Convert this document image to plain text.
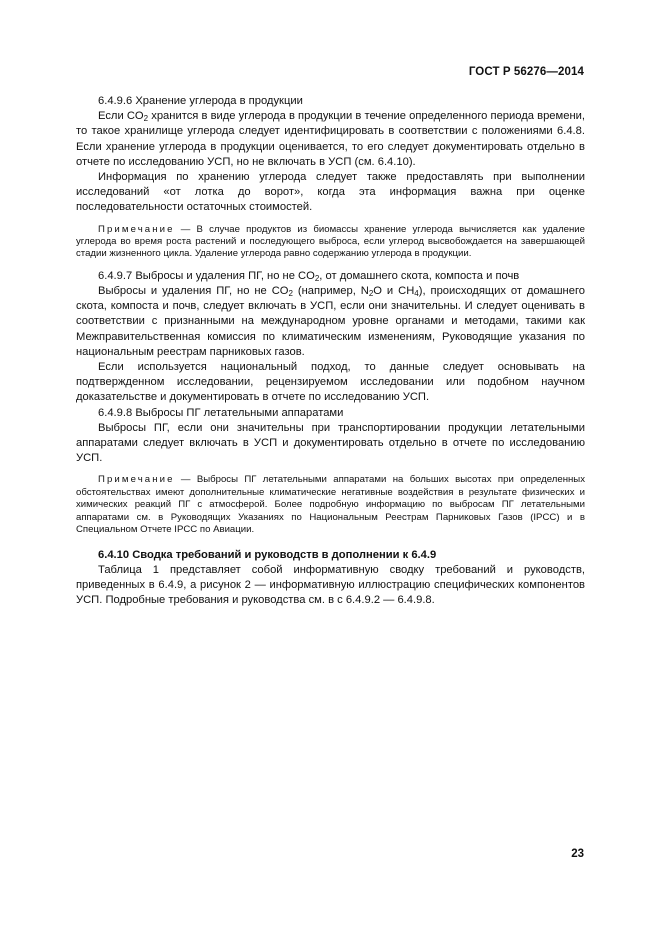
ГОСТ Р 56276—2014

6.4.9.6 Хранение углерода в продукции

Если $CO_2$ хранится в виде углерода в продукции в течение определенного периода времени, то такое хранилище углерода следует идентифицировать в соответствии с положениями 6.4.8. Если хранение углерода в продукции оценивается, то его следует документировать отдельно в отчете по исследованию УСП, но не включать в УСП (см. 6.4.10).

Информация по хранению углерода следует также предоставлять при выполнении исследований «от лотка до ворот», когда эта информация важна при оценке последовательности остаточных стоимостей.

Примечание — В случае продуктов из биомассы хранение углерода вычисляется как удаление углерода во время роста растений и последующего выброса, если углерод высвобождается на завершающей стадии жизненного цикла. Удаление углерода равно содержанию углерода в продукции.

6.4.9.7 Выбросы и удаления ПГ, но не $CO_2$, от домашнего скота, компоста и почв

Выбросы и удаления ПГ, но не $CO_2$ (например, $N_2O$ и $CH_4$), происходящих от домашнего скота, компоста и почв, следует включать в УСП, если они значительны. И следует оценивать в соответствии с признанными на международном уровне органами и методами, такими как Межправительственная комиссия по климатическим изменениям, Руководящие указания по национальным реестрам парниковых газов.

Если используется национальный подход, то данные следует основывать на подтвержденном исследовании, рецензируемом исследовании или подобном научном доказательстве и документировать в отчете по исследованию УСП.

6.4.9.8 Выбросы ПГ летательными аппаратами

Выбросы ПГ, если они значительны при транспортировании продукции летательными аппаратами следует включать в УСП и документировать отдельно в отчете по исследованию УСП.

Примечание — Выбросы ПГ летательными аппаратами на больших высотах при определенных обстоятельствах имеют дополнительные климатические негативные воздействия в результате физических и химических реакций ПГ с атмосферой. Более подробную информацию по выбросам ПГ летательными аппаратами см. в Руководящих Указаниях по Национальным Реестрам Парниковых Газов (IPCC) и в Специальном Отчете IPCC по Авиации.

6.4.10 Сводка требований и руководств в дополнении к 6.4.9

Таблица 1 представляет собой информативную сводку требований и руководств, приведенных в 6.4.9, а рисунок 2 — информативную иллюстрацию специфических компонентов УСП. Подробные требования и руководства см. в с 6.4.9.2 — 6.4.9.8.

23
